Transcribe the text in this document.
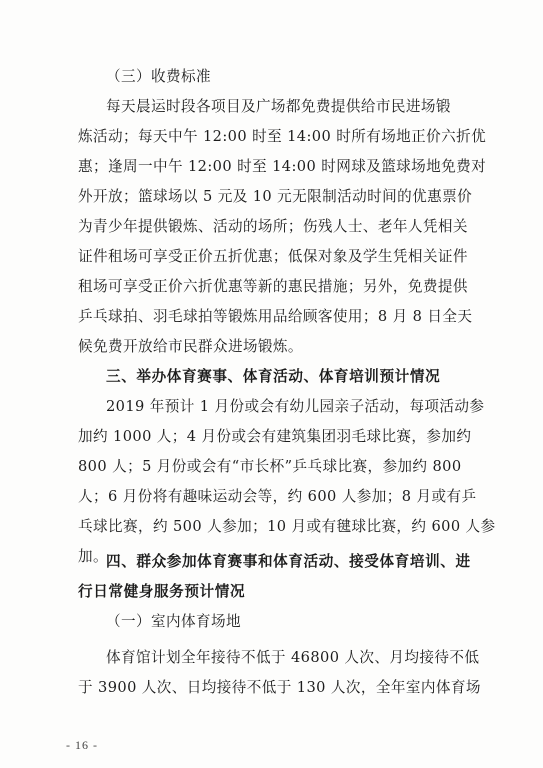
（三）收费标准
每天晨运时段各项目及广场都免费提供给市民进场锻
炼活动；每天中午 12:00 时至 14:00 时所有场地正价六折优
惠；逢周一中午 12:00 时至 14:00 时网球及篮球场地免费对
外开放；篮球场以 5 元及 10 元无限制活动时间的优惠票价
为青少年提供锻炼、活动的场所；伤残人士、老年人凭相关
证件租场可享受正价五折优惠；低保对象及学生凭相关证件
租场可享受正价六折优惠等新的惠民措施；另外，免费提供
乒乓球拍、羽毛球拍等锻炼用品给顾客使用；8 月 8 日全天
候免费开放给市民群众进场锻炼。
三、举办体育赛事、体育活动、体育培训预计情况
2019 年预计 1 月份或会有幼儿园亲子活动，每项活动参
加约 1000 人；4 月份或会有建筑集团羽毛球比赛，参加约
800 人；5 月份或会有“市长杯”乒乓球比赛，参加约 800
人；6 月份将有趣味运动会等，约 600 人参加；8 月或有乒
乓球比赛，约 500 人参加；10 月或有毽球比赛，约 600 人参
加。
四、群众参加体育赛事和体育活动、接受体育培训、进
行日常健身服务预计情况
（一）室内体育场地
体育馆计划全年接待不低于 46800 人次、月均接待不低
于 3900 人次、日均接待不低于 130 人次，全年室内体育场
- 16 -
